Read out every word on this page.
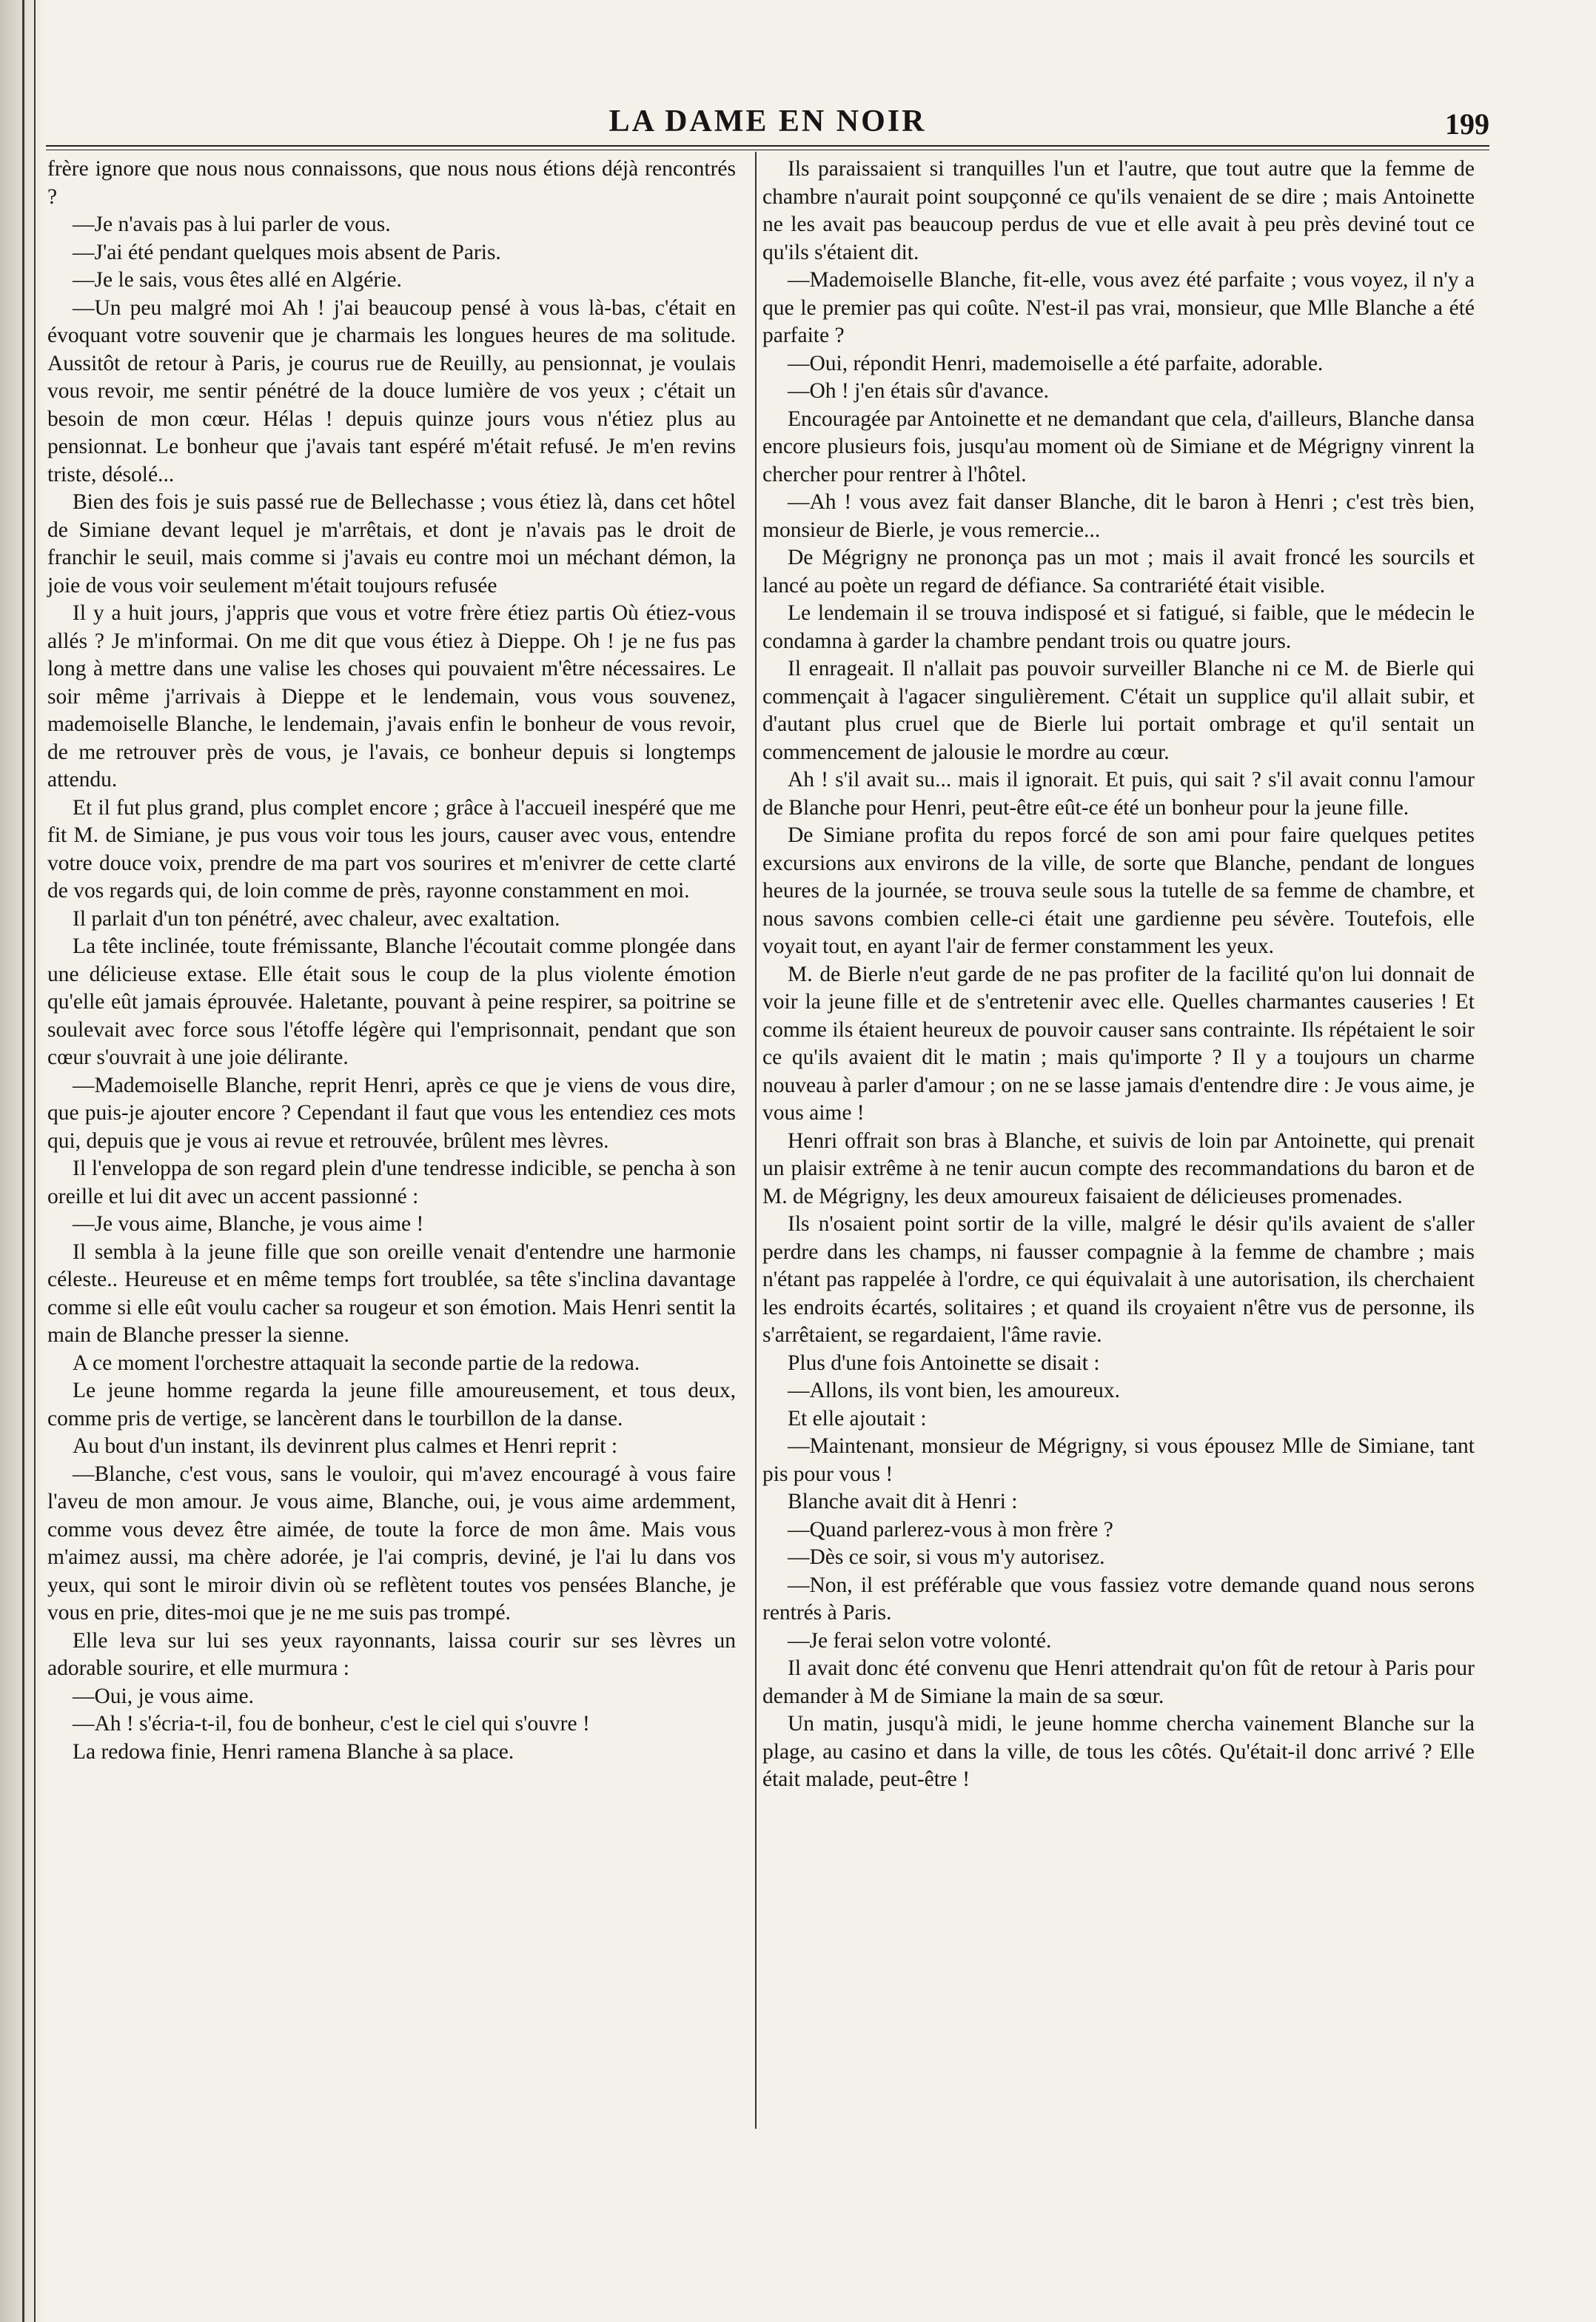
LA DAME EN NOIR	199

frère ignore que nous nous connaissons, que nous nous étions déjà rencontrés ?

—Je n'avais pas à lui parler de vous.

—J'ai été pendant quelques mois absent de Paris.

—Je le sais, vous êtes allé en Algérie.

—Un peu malgré moi Ah ! j'ai beaucoup pensé à vous là-bas, c'était en évoquant votre souvenir que je charmais les longues heures de ma solitude. Aussitôt de retour à Paris, je courus rue de Reuilly, au pensionnat, je voulais vous revoir, me sentir pénétré de la douce lumière de vos yeux ; c'était un besoin de mon cœur. Hélas ! depuis quinze jours vous n'étiez plus au pensionnat. Le bonheur que j'avais tant espéré m'était refusé. Je m'en revins triste, désolé...

Bien des fois je suis passé rue de Bellechasse ; vous étiez là, dans cet hôtel de Simiane devant lequel je m'arrêtais, et dont je n'avais pas le droit de franchir le seuil, mais comme si j'avais eu contre moi un méchant démon, la joie de vous voir seulement m'était toujours refusée

Il y a huit jours, j'appris que vous et votre frère étiez partis Où étiez-vous allés ? Je m'informai. On me dit que vous étiez à Dieppe. Oh ! je ne fus pas long à mettre dans une valise les choses qui pouvaient m'être nécessaires. Le soir même j'arrivais à Dieppe et le lendemain, vous vous souvenez, mademoiselle Blanche, le lendemain, j'avais enfin le bonheur de vous revoir, de me retrouver près de vous, je l'avais, ce bonheur depuis si longtemps attendu.

Et il fut plus grand, plus complet encore ; grâce à l'accueil inespéré que me fit M. de Simiane, je pus vous voir tous les jours, causer avec vous, entendre votre douce voix, prendre de ma part vos sourires et m'enivrer de cette clarté de vos regards qui, de loin comme de près, rayonne constamment en moi.

Il parlait d'un ton pénétré, avec chaleur, avec exaltation.

La tête inclinée, toute frémissante, Blanche l'écoutait comme plongée dans une délicieuse extase. Elle était sous le coup de la plus violente émotion qu'elle eût jamais éprouvée. Haletante, pouvant à peine respirer, sa poitrine se soulevait avec force sous l'étoffe légère qui l'emprisonnait, pendant que son cœur s'ouvrait à une joie délirante.

—Mademoiselle Blanche, reprit Henri, après ce que je viens de vous dire, que puis-je ajouter encore ? Cependant il faut que vous les entendiez ces mots qui, depuis que je vous ai revue et retrouvée, brûlent mes lèvres.

Il l'enveloppa de son regard plein d'une tendresse indicible, se pencha à son oreille et lui dit avec un accent passionné :

—Je vous aime, Blanche, je vous aime !

Il sembla à la jeune fille que son oreille venait d'entendre une harmonie céleste.. Heureuse et en même temps fort troublée, sa tête s'inclina davantage comme si elle eût voulu cacher sa rougeur et son émotion. Mais Henri sentit la main de Blanche presser la sienne.

A ce moment l'orchestre attaquait la seconde partie de la redowa.

Le jeune homme regarda la jeune fille amoureusement, et tous deux, comme pris de vertige, se lancèrent dans le tourbillon de la danse.

Au bout d'un instant, ils devinrent plus calmes et Henri reprit :

—Blanche, c'est vous, sans le vouloir, qui m'avez encouragé à vous faire l'aveu de mon amour. Je vous aime, Blanche, oui, je vous aime ardemment, comme vous devez être aimée, de toute la force de mon âme. Mais vous m'aimez aussi, ma chère adorée, je l'ai compris, deviné, je l'ai lu dans vos yeux, qui sont le miroir divin où se reflètent toutes vos pensées Blanche, je vous en prie, dites-moi que je ne me suis pas trompé.

Elle leva sur lui ses yeux rayonnants, laissa courir sur ses lèvres un adorable sourire, et elle murmura :

—Oui, je vous aime.

—Ah ! s'écria-t-il, fou de bonheur, c'est le ciel qui s'ouvre !

La redowa finie, Henri ramena Blanche à sa place.

Ils paraissaient si tranquilles l'un et l'autre, que tout autre que la femme de chambre n'aurait point soupçonné ce qu'ils venaient de se dire ; mais Antoinette ne les avait pas beaucoup perdus de vue et elle avait à peu près deviné tout ce qu'ils s'étaient dit.

—Mademoiselle Blanche, fit-elle, vous avez été parfaite ; vous voyez, il n'y a que le premier pas qui coûte. N'est-il pas vrai, monsieur, que Mlle Blanche a été parfaite ?

—Oui, répondit Henri, mademoiselle a été parfaite, adorable.

—Oh ! j'en étais sûr d'avance.

Encouragée par Antoinette et ne demandant que cela, d'ailleurs, Blanche dansa encore plusieurs fois, jusqu'au moment où de Simiane et de Mégrigny vinrent la chercher pour rentrer à l'hôtel.

—Ah ! vous avez fait danser Blanche, dit le baron à Henri ; c'est très bien, monsieur de Bierle, je vous remercie...

De Mégrigny ne prononça pas un mot ; mais il avait froncé les sourcils et lancé au poète un regard de défiance. Sa contrariété était visible.

Le lendemain il se trouva indisposé et si fatigué, si faible, que le médecin le condamna à garder la chambre pendant trois ou quatre jours.

Il enrageait. Il n'allait pas pouvoir surveiller Blanche ni ce M. de Bierle qui commençait à l'agacer singulièrement. C'était un supplice qu'il allait subir, et d'autant plus cruel que de Bierle lui portait ombrage et qu'il sentait un commencement de jalousie le mordre au cœur.

Ah ! s'il avait su... mais il ignorait. Et puis, qui sait ? s'il avait connu l'amour de Blanche pour Henri, peut-être eût-ce été un bonheur pour la jeune fille.

De Simiane profita du repos forcé de son ami pour faire quelques petites excursions aux environs de la ville, de sorte que Blanche, pendant de longues heures de la journée, se trouva seule sous la tutelle de sa femme de chambre, et nous savons combien celle-ci était une gardienne peu sévère. Toutefois, elle voyait tout, en ayant l'air de fermer constamment les yeux.

M. de Bierle n'eut garde de ne pas profiter de la facilité qu'on lui donnait de voir la jeune fille et de s'entretenir avec elle. Quelles charmantes causeries ! Et comme ils étaient heureux de pouvoir causer sans contrainte. Ils répétaient le soir ce qu'ils avaient dit le matin ; mais qu'importe ? Il y a toujours un charme nouveau à parler d'amour ; on ne se lasse jamais d'entendre dire : Je vous aime, je vous aime !

Henri offrait son bras à Blanche, et suivis de loin par Antoinette, qui prenait un plaisir extrême à ne tenir aucun compte des recommandations du baron et de M. de Mégrigny, les deux amoureux faisaient de délicieuses promenades.

Ils n'osaient point sortir de la ville, malgré le désir qu'ils avaient de s'aller perdre dans les champs, ni fausser compagnie à la femme de chambre ; mais n'étant pas rappelée à l'ordre, ce qui équivalait à une autorisation, ils cherchaient les endroits écartés, solitaires ; et quand ils croyaient n'être vus de personne, ils s'arrêtaient, se regardaient, l'âme ravie.

Plus d'une fois Antoinette se disait :

—Allons, ils vont bien, les amoureux.

Et elle ajoutait :

—Maintenant, monsieur de Mégrigny, si vous épousez Mlle de Simiane, tant pis pour vous !

Blanche avait dit à Henri :

—Quand parlerez-vous à mon frère ?

—Dès ce soir, si vous m'y autorisez.

—Non, il est préférable que vous fassiez votre demande quand nous serons rentrés à Paris.

—Je ferai selon votre volonté.

Il avait donc été convenu que Henri attendrait qu'on fût de retour à Paris pour demander à M de Simiane la main de sa sœur.

Un matin, jusqu'à midi, le jeune homme chercha vainement Blanche sur la plage, au casino et dans la ville, de tous les côtés. Qu'était-il donc arrivé ? Elle était malade, peut-être !
